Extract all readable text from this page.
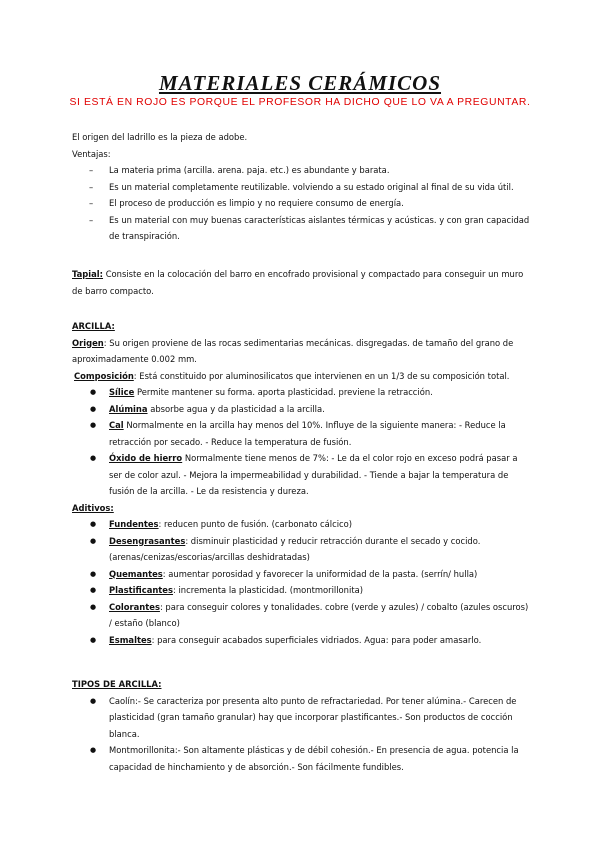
MATERIALES CERÁMICOS
SI ESTÁ EN ROJO ES PORQUE EL PROFESOR HA DICHO QUE LO VA A PREGUNTAR.
El origen del ladrillo es la pieza de adobe.
Ventajas:
– La materia prima (arcilla. arena. paja. etc.) es abundante y barata.
– Es un material completamente reutilizable. volviendo a su estado original al final de su vida útil.
– El proceso de producción es limpio y no requiere consumo de energía.
– Es un material con muy buenas características aislantes térmicas y acústicas. y con gran capacidad de transpiración.
Tapial: Consiste en la colocación del barro en encofrado provisional y compactado para conseguir un muro de barro compacto.
ARCILLA:
Origen: Su origen proviene de las rocas sedimentarias mecánicas. disgregadas. de tamaño del grano de aproximadamente 0.002 mm.
Composición: Está constituido por aluminosilicatos que intervienen en un 1/3 de su composición total.
● Sílice Permite mantener su forma. aporta plasticidad. previene la retracción.
● Alúmina absorbe agua y da plasticidad a la arcilla.
● Cal Normalmente en la arcilla hay menos del 10%. Influye de la siguiente manera: - Reduce la retracción por secado. - Reduce la temperatura de fusión.
● Óxido de hierro Normalmente tiene menos de 7%: - Le da el color rojo en exceso podrá pasar a ser de color azul. - Mejora la impermeabilidad y durabilidad. - Tiende a bajar la temperatura de fusión de la arcilla. - Le da resistencia y dureza.
Aditivos:
● Fundentes: reducen punto de fusión. (carbonato cálcico)
● Desengrasantes: disminuir plasticidad y reducir retracción durante el secado y cocido. (arenas/cenizas/escorias/arcillas deshidratadas)
● Quemantes: aumentar porosidad y favorecer la uniformidad de la pasta. (serrín/ hulla)
● Plastificantes: incrementa la plasticidad. (montmorillonita)
● Colorantes: para conseguir colores y tonalidades. cobre (verde y azules) / cobalto (azules oscuros) / estaño (blanco)
● Esmaltes: para conseguir acabados superficiales vidriados. Agua: para poder amasarlo.
TIPOS DE ARCILLA:
● Caolín:- Se caracteriza por presenta alto punto de refractariedad. Por tener alúmina.- Carecen de plasticidad (gran tamaño granular) hay que incorporar plastificantes.- Son productos de cocción blanca.
● Montmorillonita:- Son altamente plásticas y de débil cohesión.- En presencia de agua. potencia la capacidad de hinchamiento y de absorción.- Son fácilmente fundibles.
